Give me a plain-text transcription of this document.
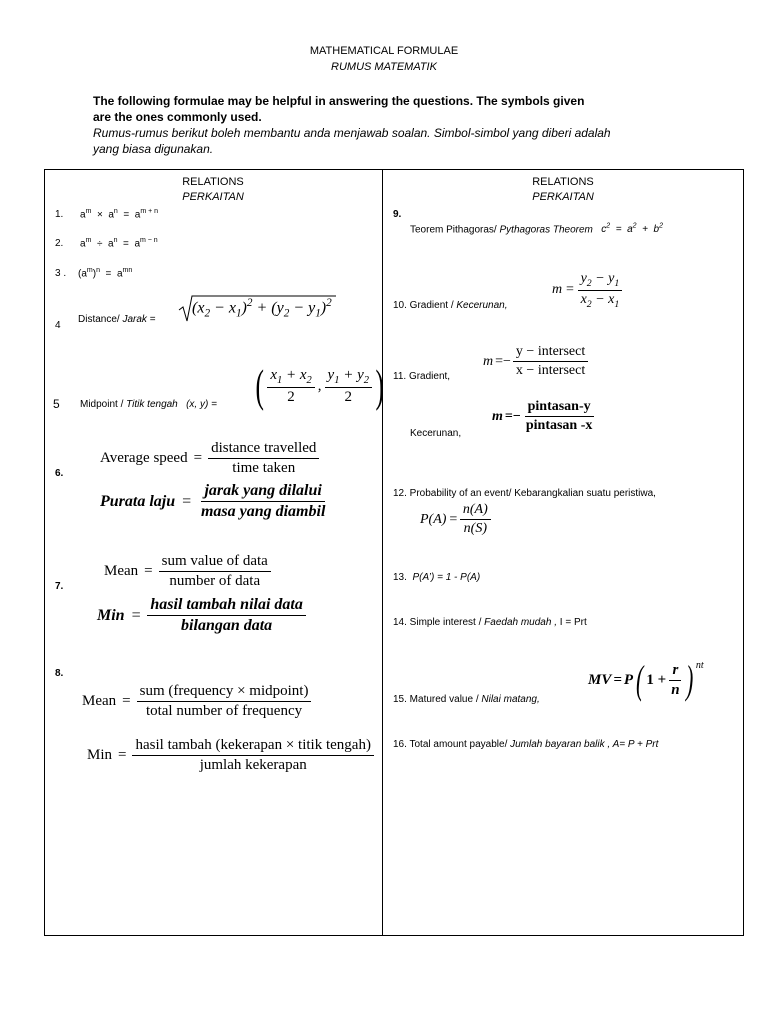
MATHEMATICAL FORMULAE
RUMUS MATEMATIK
The following formulae may be helpful in answering the questions. The symbols given
are the ones commonly used.
Rumus-rumus berikut boleh membantu anda menjawab soalan. Simbol-simbol yang diberi adalah
yang biasa digunakan.
RELATIONS
PERKAITAN
1. $a^m \times a^n = a^{m + n}$
2. $a^m \div a^n = a^{m - n}$
3 . $(a^m)^n = a^{mn}$
4
Distance/ Jarak =
$(x_2 - x_1)^2 + (y_2 - y_1)^2$
5 Midpoint / Titik tengah (x, y) = ( $\frac{x_1 + x_2}{2}$ , $\frac{y_1 + y_2}{2}$ )
6.
Average speed = $\frac{\text{distance travelled}}{\text{time taken}}$
Purata laju = $\frac{\text{jarak yang dilalui}}{\text{masa yang diambil}}$
7.
Mean = $\frac{\text{sum value of data}}{\text{number of data}}$
Min = $\frac{\text{hasil tambah nilai data}}{\text{bilangan data}}$
8.
Mean = $\frac{\text{sum (frequency × midpoint)}}{\text{total number of frequency}}$
Min = $\frac{\text{hasil tambah (kekerapan × titik tengah)}}{\text{jumlah kekerapan}}$
RELATIONS
PERKAITAN
9.
Teorem Pithagoras/ Pythagoras Theorem $c^2 = a^2 + b^2$
10. Gradient / Kecerunan,
$m = \frac{y_2 - y_1}{x_2 - x_1}$
11. Gradient,
$m =- \frac{\text{y − intersect}}{\text{x − intersect}}$
Kecerunan,
$m =- \frac{\text{pintasan-y}}{\text{pintasan -x}}$
12. Probability of an event/ Kebarangkalian suatu peristiwa,
$P(A) = \frac{n(A)}{n(S)}$
13. P(A’) = 1 - P(A)
14. Simple interest / Faedah mudah , I = Prt
15. Matured value / Nilai matang,
MV = P ( $1 + \frac{r}{n}$ ) nt
16. Total amount payable/ Jumlah bayaran balik , A= P + Prt
